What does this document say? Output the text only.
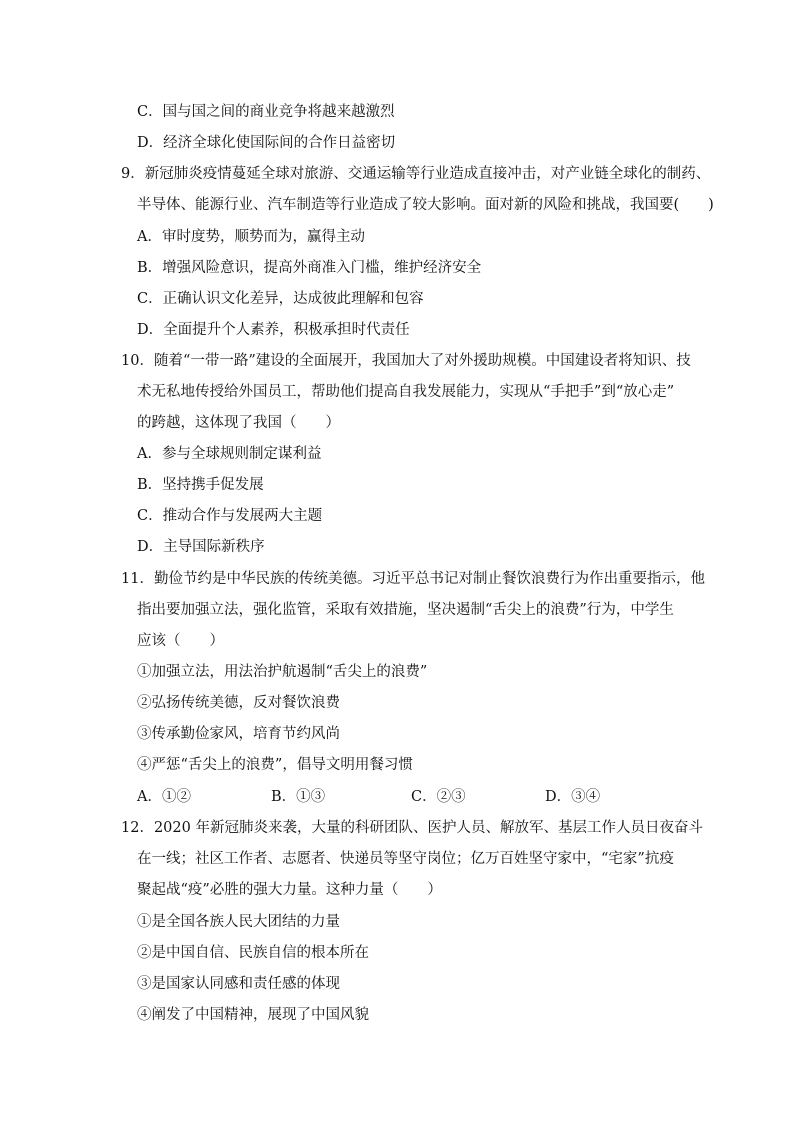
C．国与国之间的商业竞争将越来越激烈
D．经济全球化使国际间的合作日益密切
9．新冠肺炎疫情蔓延全球对旅游、交通运输等行业造成直接冲击，对产业链全球化的制药、
半导体、能源行业、汽车制造等行业造成了较大影响。面对新的风险和挑战，我国要(　　)
A．审时度势，顺势而为，赢得主动
B．增强风险意识，提高外商准入门槛，维护经济安全
C．正确认识文化差异，达成彼此理解和包容
D．全面提升个人素养，积极承担时代责任
10．随着“一带一路”建设的全面展开，我国加大了对外援助规模。中国建设者将知识、技
术无私地传授给外国员工，帮助他们提高自我发展能力，实现从“手把手”到“放心走”
的跨越，这体现了我国（　　）
A．参与全球规则制定谋利益
B．坚持携手促发展
C．推动合作与发展两大主题
D．主导国际新秩序
11．勤俭节约是中华民族的传统美德。习近平总书记对制止餐饮浪费行为作出重要指示，他
指出要加强立法，强化监管，采取有效措施，坚决遏制“舌尖上的浪费”行为，中学生
应该（　　）
①加强立法，用法治护航遏制“舌尖上的浪费”
②弘扬传统美德，反对餐饮浪费
③传承勤俭家风，培育节约风尚
④严惩“舌尖上的浪费”，倡导文明用餐习惯
A．①②	B．①③	C．②③	D．③④
12．2020 年新冠肺炎来袭，大量的科研团队、医护人员、解放军、基层工作人员日夜奋斗
在一线；社区工作者、志愿者、快递员等坚守岗位；亿万百姓坚守家中，“宅家”抗疫
聚起战“疫”必胜的强大力量。这种力量（　　）
①是全国各族人民大团结的力量
②是中国自信、民族自信的根本所在
③是国家认同感和责任感的体现
④阐发了中国精神，展现了中国风貌
